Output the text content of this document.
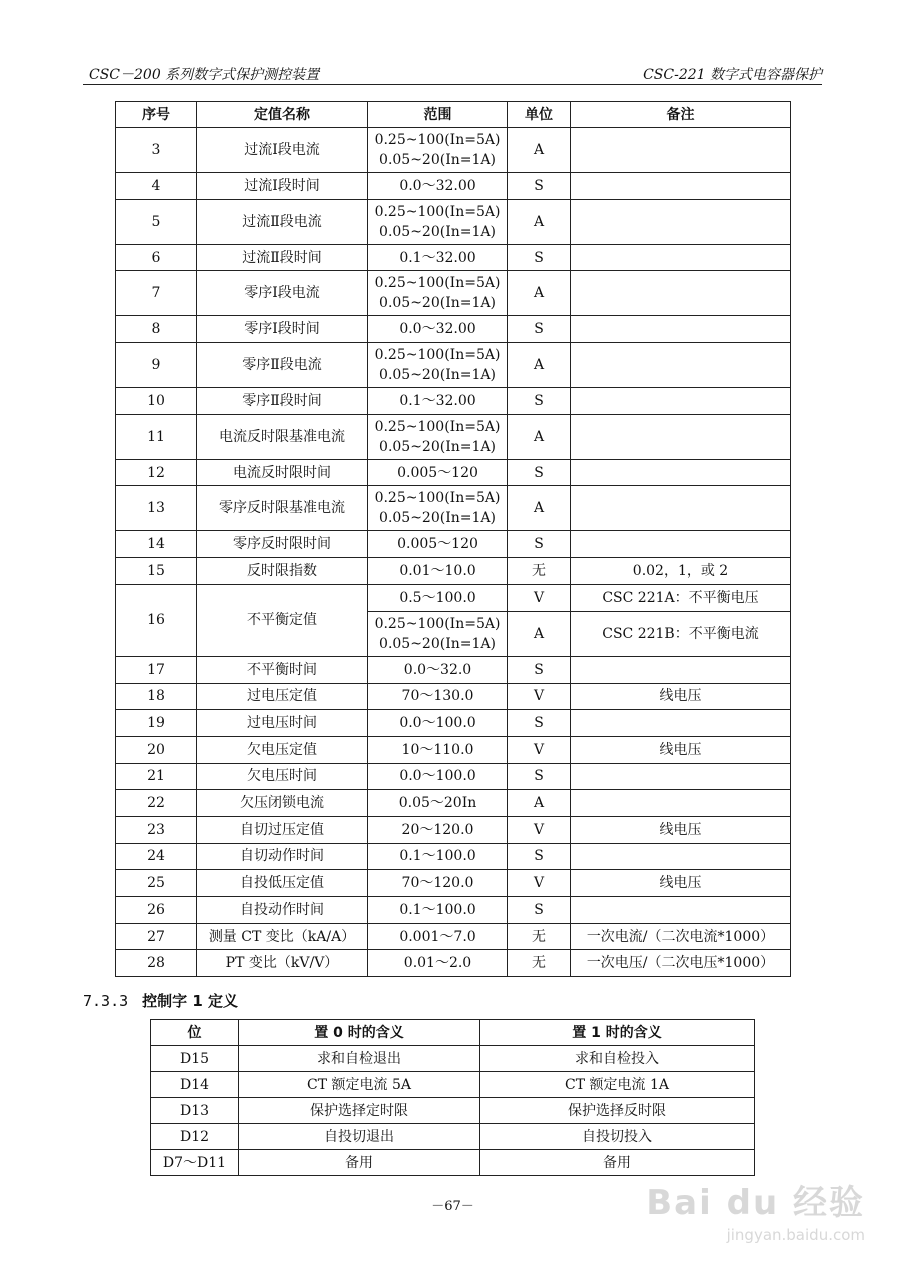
CSC－200 系列数字式保护测控装置	CSC-221 数字式电容器保护
序号	定值名称	范围	单位	备注
3	过流Ⅰ段电流	0.25~100(In=5A)
0.05~20(In=1A)	A	
4	过流Ⅰ段时间	0.0～32.00	S	
5	过流Ⅱ段电流	0.25~100(In=5A)
0.05~20(In=1A)	A	
6	过流Ⅱ段时间	0.1～32.00	S	
7	零序Ⅰ段电流	0.25~100(In=5A)
0.05~20(In=1A)	A	
8	零序Ⅰ段时间	0.0～32.00	S	
9	零序Ⅱ段电流	0.25~100(In=5A)
0.05~20(In=1A)	A	
10	零序Ⅱ段时间	0.1～32.00	S	
11	电流反时限基准电流	0.25~100(In=5A)
0.05~20(In=1A)	A	
12	电流反时限时间	0.005～120	S	
13	零序反时限基准电流	0.25~100(In=5A)
0.05~20(In=1A)	A	
14	零序反时限时间	0.005～120	S	
15	反时限指数	0.01～10.0	无	0.02，1，或 2
16	不平衡定值	0.5～100.0	V	CSC 221A：不平衡电压

		0.25~100(In=5A)
0.05~20(In=1A)	A	CSC 221B：不平衡电流
17	不平衡时间	0.0～32.0	S	
18	过电压定值	70～130.0	V	线电压
19	过电压时间	0.0～100.0	S	
20	欠电压定值	10～110.0	V	线电压
21	欠电压时间	0.0～100.0	S	
22	欠压闭锁电流	0.05～20In	A	
23	自切过压定值	20～120.0	V	线电压
24	自切动作时间	0.1～100.0	S	
25	自投低压定值	70～120.0	V	线电压
26	自投动作时间	0.1～100.0	S	
27	测量 CT 变比（kA/A）	0.001～7.0	无	一次电流/（二次电流*1000）
28	PT 变比（kV/V）	0.01～2.0	无	一次电压/（二次电压*1000）
7.3.3 控制字 1 定义
位	置 0 时的含义	置 1 时的含义
D15	求和自检退出	求和自检投入
D14	CT 额定电流 5A	CT 额定电流 1A
D13	保护选择定时限	保护选择反时限
D12	自投切退出	自投切投入
D7～D11	备用	备用
－67－	Bai du 经验
jingyan.baidu.com
